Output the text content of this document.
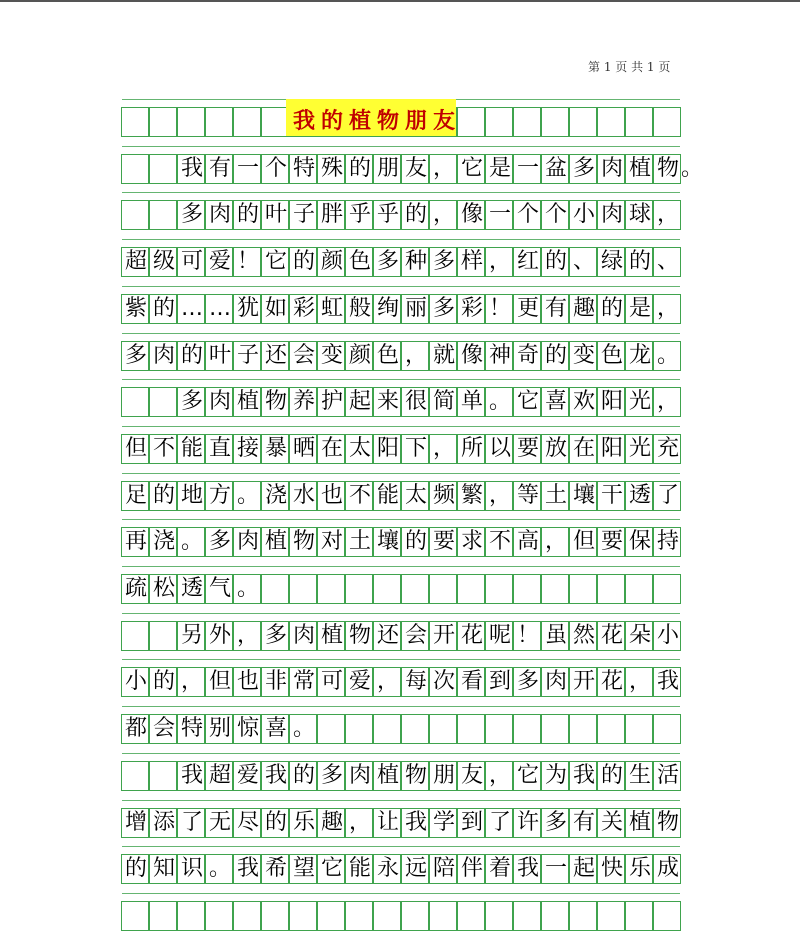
第 1 页 共 1 页
我 的 植 物 朋 友
我 有 一 个 特 殊 的 朋 友 ， 它 是 一 盆 多 肉 植 物 。
多 肉 的 叶 子 胖 乎 乎 的 ， 像 一 个 个 小 肉 球 ，
超 级 可 爱 ！ 它 的 颜 色 多 种 多 样 ， 红 的 、 绿 的 、
紫 的 … … 犹 如 彩 虹 般 绚 丽 多 彩 ！ 更 有 趣 的 是 ，
多 肉 的 叶 子 还 会 变 颜 色 ， 就 像 神 奇 的 变 色 龙 。
多 肉 植 物 养 护 起 来 很 简 单 。 它 喜 欢 阳 光 ，
但 不 能 直 接 暴 晒 在 太 阳 下 ， 所 以 要 放 在 阳 光 充
足 的 地 方 。 浇 水 也 不 能 太 频 繁 ， 等 土 壤 干 透 了
再 浇 。 多 肉 植 物 对 土 壤 的 要 求 不 高 ， 但 要 保 持
疏 松 透 气 。
另 外 ， 多 肉 植 物 还 会 开 花 呢 ！ 虽 然 花 朵 小
小 的 ， 但 也 非 常 可 爱 ， 每 次 看 到 多 肉 开 花 ， 我
都 会 特 别 惊 喜 。
我 超 爱 我 的 多 肉 植 物 朋 友 ， 它 为 我 的 生 活
增 添 了 无 尽 的 乐 趣 ， 让 我 学 到 了 许 多 有 关 植 物
的 知 识 。 我 希 望 它 能 永 远 陪 伴 着 我 一 起 快 乐 成
